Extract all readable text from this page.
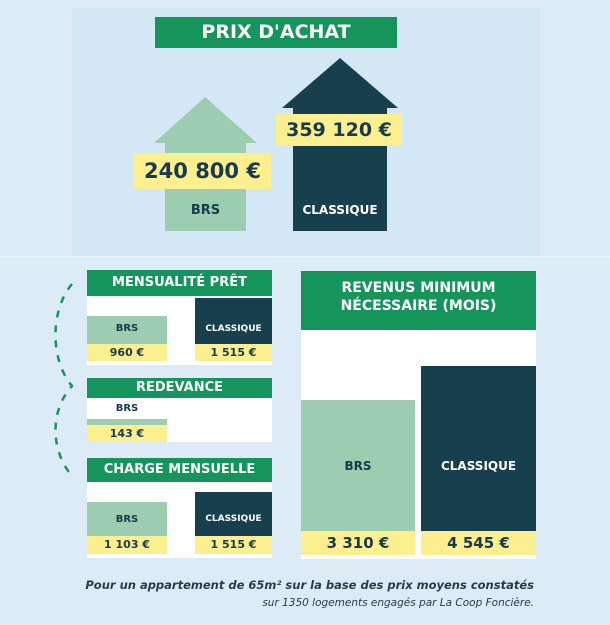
PRIX D'ACHAT
240 800 €
359 120 €
BRS	CLASSIQUE
MENSUALITÉ PRÊT
BRS
960 €
CLASSIQUE
1 515 €
REDEVANCE
BRS
143 €
CHARGE MENSUELLE
BRS
1 103 €
CLASSIQUE
1 515 €
REVENUS MINIMUM
NÉCESSAIRE (MOIS)
BRS
3 310 €
CLASSIQUE
4 545 €
Pour un appartement de 65m² sur la base des prix moyens constatés
sur 1350 logements engagés par La Coop Foncière.
